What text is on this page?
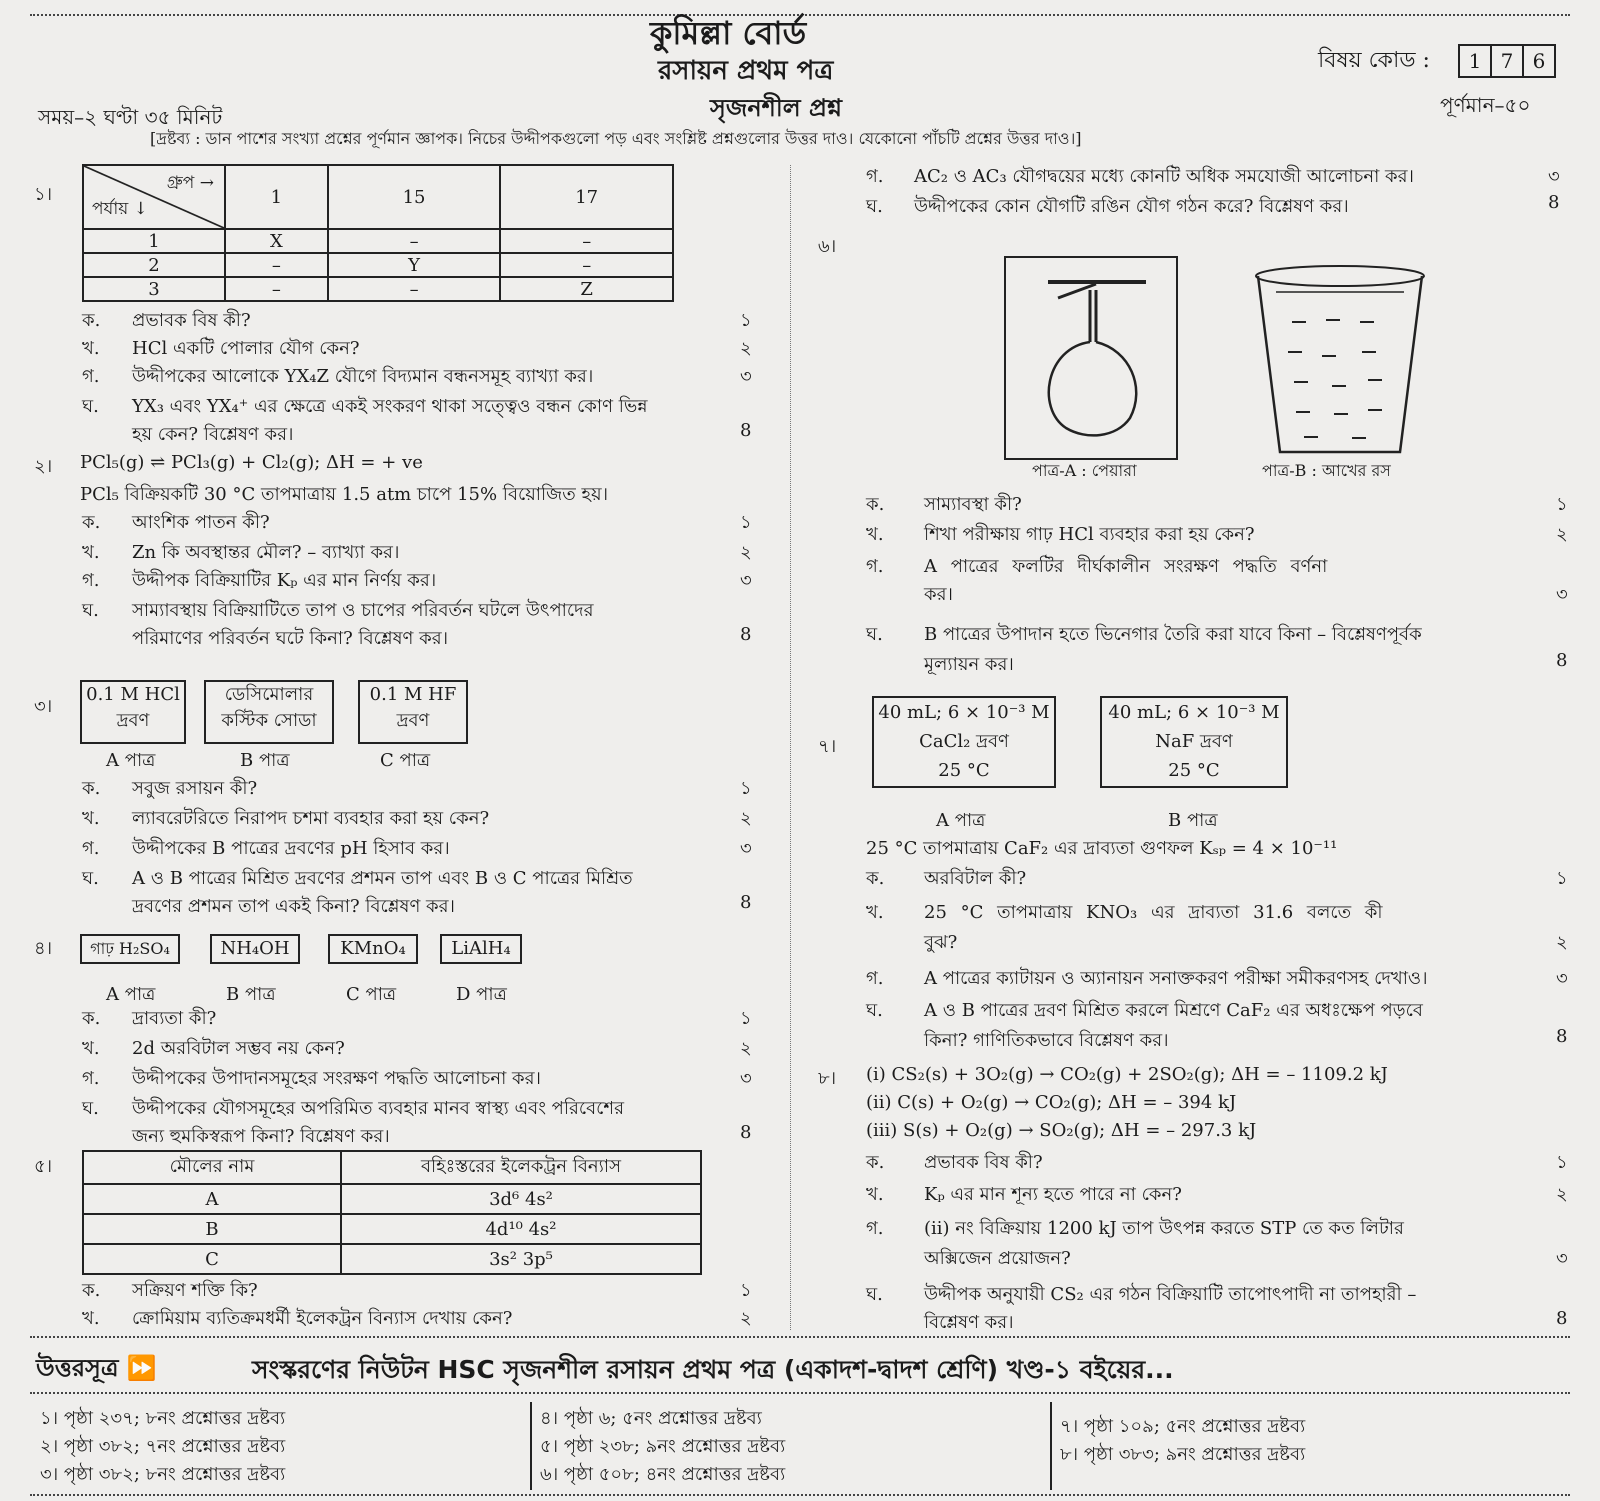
কুমিল্লা বোর্ড
রসায়ন প্রথম পত্র
সৃজনশীল প্রশ্ন
বিষয় কোড :	1 7 6
সময়–২ ঘণ্টা ৩৫ মিনিট	পূর্ণমান–৫০
[দ্রষ্টব্য : ডান পাশের সংখ্যা প্রশ্নের পূর্ণমান জ্ঞাপক। নিচের উদ্দীপকগুলো পড় এবং সংশ্লিষ্ট প্রশ্নগুলোর উত্তর দাও। যেকোনো পাঁচটি প্রশ্নের উত্তর দাও।]
১।
গ্রুপ →
পর্যায় ↓	1	15	17
1	X	–	–
2	–	Y	–
3	–	–	Z
ক. প্রভাবক বিষ কী?	১
খ. HCl একটি পোলার যৌগ কেন?	২
গ. উদ্দীপকের আলোকে YX₄Z যৌগে বিদ্যমান বন্ধনসমূহ ব্যাখ্যা কর।	৩
ঘ. YX₃ এবং YX₄⁺ এর ক্ষেত্রে একই সংকরণ থাকা সত্ত্বেও বন্ধন কোণ ভিন্ন
হয় কেন? বিশ্লেষণ কর।	8
২। PCl₅(g) ⇌ PCl₃(g) + Cl₂(g); ΔH = + ve
PCl₅ বিক্রিয়কটি 30 °C তাপমাত্রায় 1.5 atm চাপে 15% বিয়োজিত হয়।
ক. আংশিক পাতন কী?	১
খ. Zn কি অবস্থান্তর মৌল? – ব্যাখ্যা কর।	২
গ. উদ্দীপক বিক্রিয়াটির Kₚ এর মান নির্ণয় কর।	৩
ঘ. সাম্যাবস্থায় বিক্রিয়াটিতে তাপ ও চাপের পরিবর্তন ঘটলে উৎপাদের
পরিমাণের পরিবর্তন ঘটে কিনা? বিশ্লেষণ কর।	8
৩।
0.1 M HCl
দ্রবণ
ডেসিমোলার
কস্টিক সোডা
0.1 M HF
দ্রবণ
A পাত্র	B পাত্র	C পাত্র
ক. সবুজ রসায়ন কী?	১
খ. ল্যাবরেটরিতে নিরাপদ চশমা ব্যবহার করা হয় কেন?	২
গ. উদ্দীপকের B পাত্রের দ্রবণের pH হিসাব কর।	৩
ঘ. A ও B পাত্রের মিশ্রিত দ্রবণের প্রশমন তাপ এবং B ও C পাত্রের মিশ্রিত
দ্রবণের প্রশমন তাপ একই কিনা? বিশ্লেষণ কর।	8
৪।	গাঢ় H₂SO₄	NH₄OH	KMnO₄	LiAlH₄
A পাত্র	B পাত্র	C পাত্র	D পাত্র
ক. দ্রাব্যতা কী?	১
খ. 2d অরবিটাল সম্ভব নয় কেন?	২
গ. উদ্দীপকের উপাদানসমূহের সংরক্ষণ পদ্ধতি আলোচনা কর।	৩
ঘ. উদ্দীপকের যৌগসমূহের অপরিমিত ব্যবহার মানব স্বাস্থ্য এবং পরিবেশের
জন্য হুমকিস্বরূপ কিনা? বিশ্লেষণ কর।	8
৫।	মৌলের নাম	বহিঃস্তরের ইলেকট্রন বিন্যাস
A	3d⁶ 4s²
B	4d¹⁰ 4s²
C	3s² 3p⁵
ক. সক্রিয়ণ শক্তি কি?	১
খ. ক্রোমিয়াম ব্যতিক্রমধর্মী ইলেকট্রন বিন্যাস দেখায় কেন?	২
গ. AC₂ ও AC₃ যৌগদ্বয়ের মধ্যে কোনটি অধিক সমযোজী আলোচনা কর।	৩
ঘ. উদ্দীপকের কোন যৌগটি রঙিন যৌগ গঠন করে? বিশ্লেষণ কর।	8
৬।
পাত্র-A : পেয়ারা	পাত্র-B : আখের রস
ক. সাম্যাবস্থা কী?	১
খ. শিখা পরীক্ষায় গাঢ় HCl ব্যবহার করা হয় কেন?	২
গ. A পাত্রের ফলটির দীর্ঘকালীন সংরক্ষণ পদ্ধতি বর্ণনা
কর।	৩
ঘ. B পাত্রের উপাদান হতে ভিনেগার তৈরি করা যাবে কিনা – বিশ্লেষণপূর্বক
মূল্যায়ন কর।	8
৭।
40 mL; 6 × 10⁻³ M
CaCl₂ দ্রবণ
25 °C
40 mL; 6 × 10⁻³ M
NaF দ্রবণ
25 °C
A পাত্র	B পাত্র
25 °C তাপমাত্রায় CaF₂ এর দ্রাব্যতা গুণফল Kₛₚ = 4 × 10⁻¹¹
ক. অরবিটাল কী?	১
খ. 25 °C তাপমাত্রায় KNO₃ এর দ্রাব্যতা 31.6 বলতে কী
বুঝ?	২
গ. A পাত্রের ক্যাটায়ন ও অ্যানায়ন সনাক্তকরণ পরীক্ষা সমীকরণসহ দেখাও।	৩
ঘ. A ও B পাত্রের দ্রবণ মিশ্রিত করলে মিশ্রণে CaF₂ এর অধঃক্ষেপ পড়বে
কিনা? গাণিতিকভাবে বিশ্লেষণ কর।	8
৮। (i) CS₂(s) + 3O₂(g) → CO₂(g) + 2SO₂(g); ΔH = – 1109.2 kJ
(ii) C(s) + O₂(g) → CO₂(g); ΔH = – 394 kJ
(iii) S(s) + O₂(g) → SO₂(g); ΔH = – 297.3 kJ
ক. প্রভাবক বিষ কী?	১
খ. Kₚ এর মান শূন্য হতে পারে না কেন?	২
গ. (ii) নং বিক্রিয়ায় 1200 kJ তাপ উৎপন্ন করতে STP তে কত লিটার
অক্সিজেন প্রয়োজন?	৩
ঘ. উদ্দীপক অনুযায়ী CS₂ এর গঠন বিক্রিয়াটি তাপোৎপাদী না তাপহারী –
বিশ্লেষণ কর।	8
উত্তরসূত্র ⏩	সংস্করণের নিউটন HSC সৃজনশীল রসায়ন প্রথম পত্র (একাদশ-দ্বাদশ শ্রেণি) খণ্ড-১ বইয়ের...
১। পৃষ্ঠা ২৩৭; ৮নং প্রশ্নোত্তর দ্রষ্টব্য
২। পৃষ্ঠা ৩৮২; ৭নং প্রশ্নোত্তর দ্রষ্টব্য
৩। পৃষ্ঠা ৩৮২; ৮নং প্রশ্নোত্তর দ্রষ্টব্য
৪। পৃষ্ঠা ৬; ৫নং প্রশ্নোত্তর দ্রষ্টব্য
৫। পৃষ্ঠা ২৩৮; ৯নং প্রশ্নোত্তর দ্রষ্টব্য
৬। পৃষ্ঠা ৫০৮; ৪নং প্রশ্নোত্তর দ্রষ্টব্য
৭। পৃষ্ঠা ১০৯; ৫নং প্রশ্নোত্তর দ্রষ্টব্য
৮। পৃষ্ঠা ৩৮৩; ৯নং প্রশ্নোত্তর দ্রষ্টব্য
